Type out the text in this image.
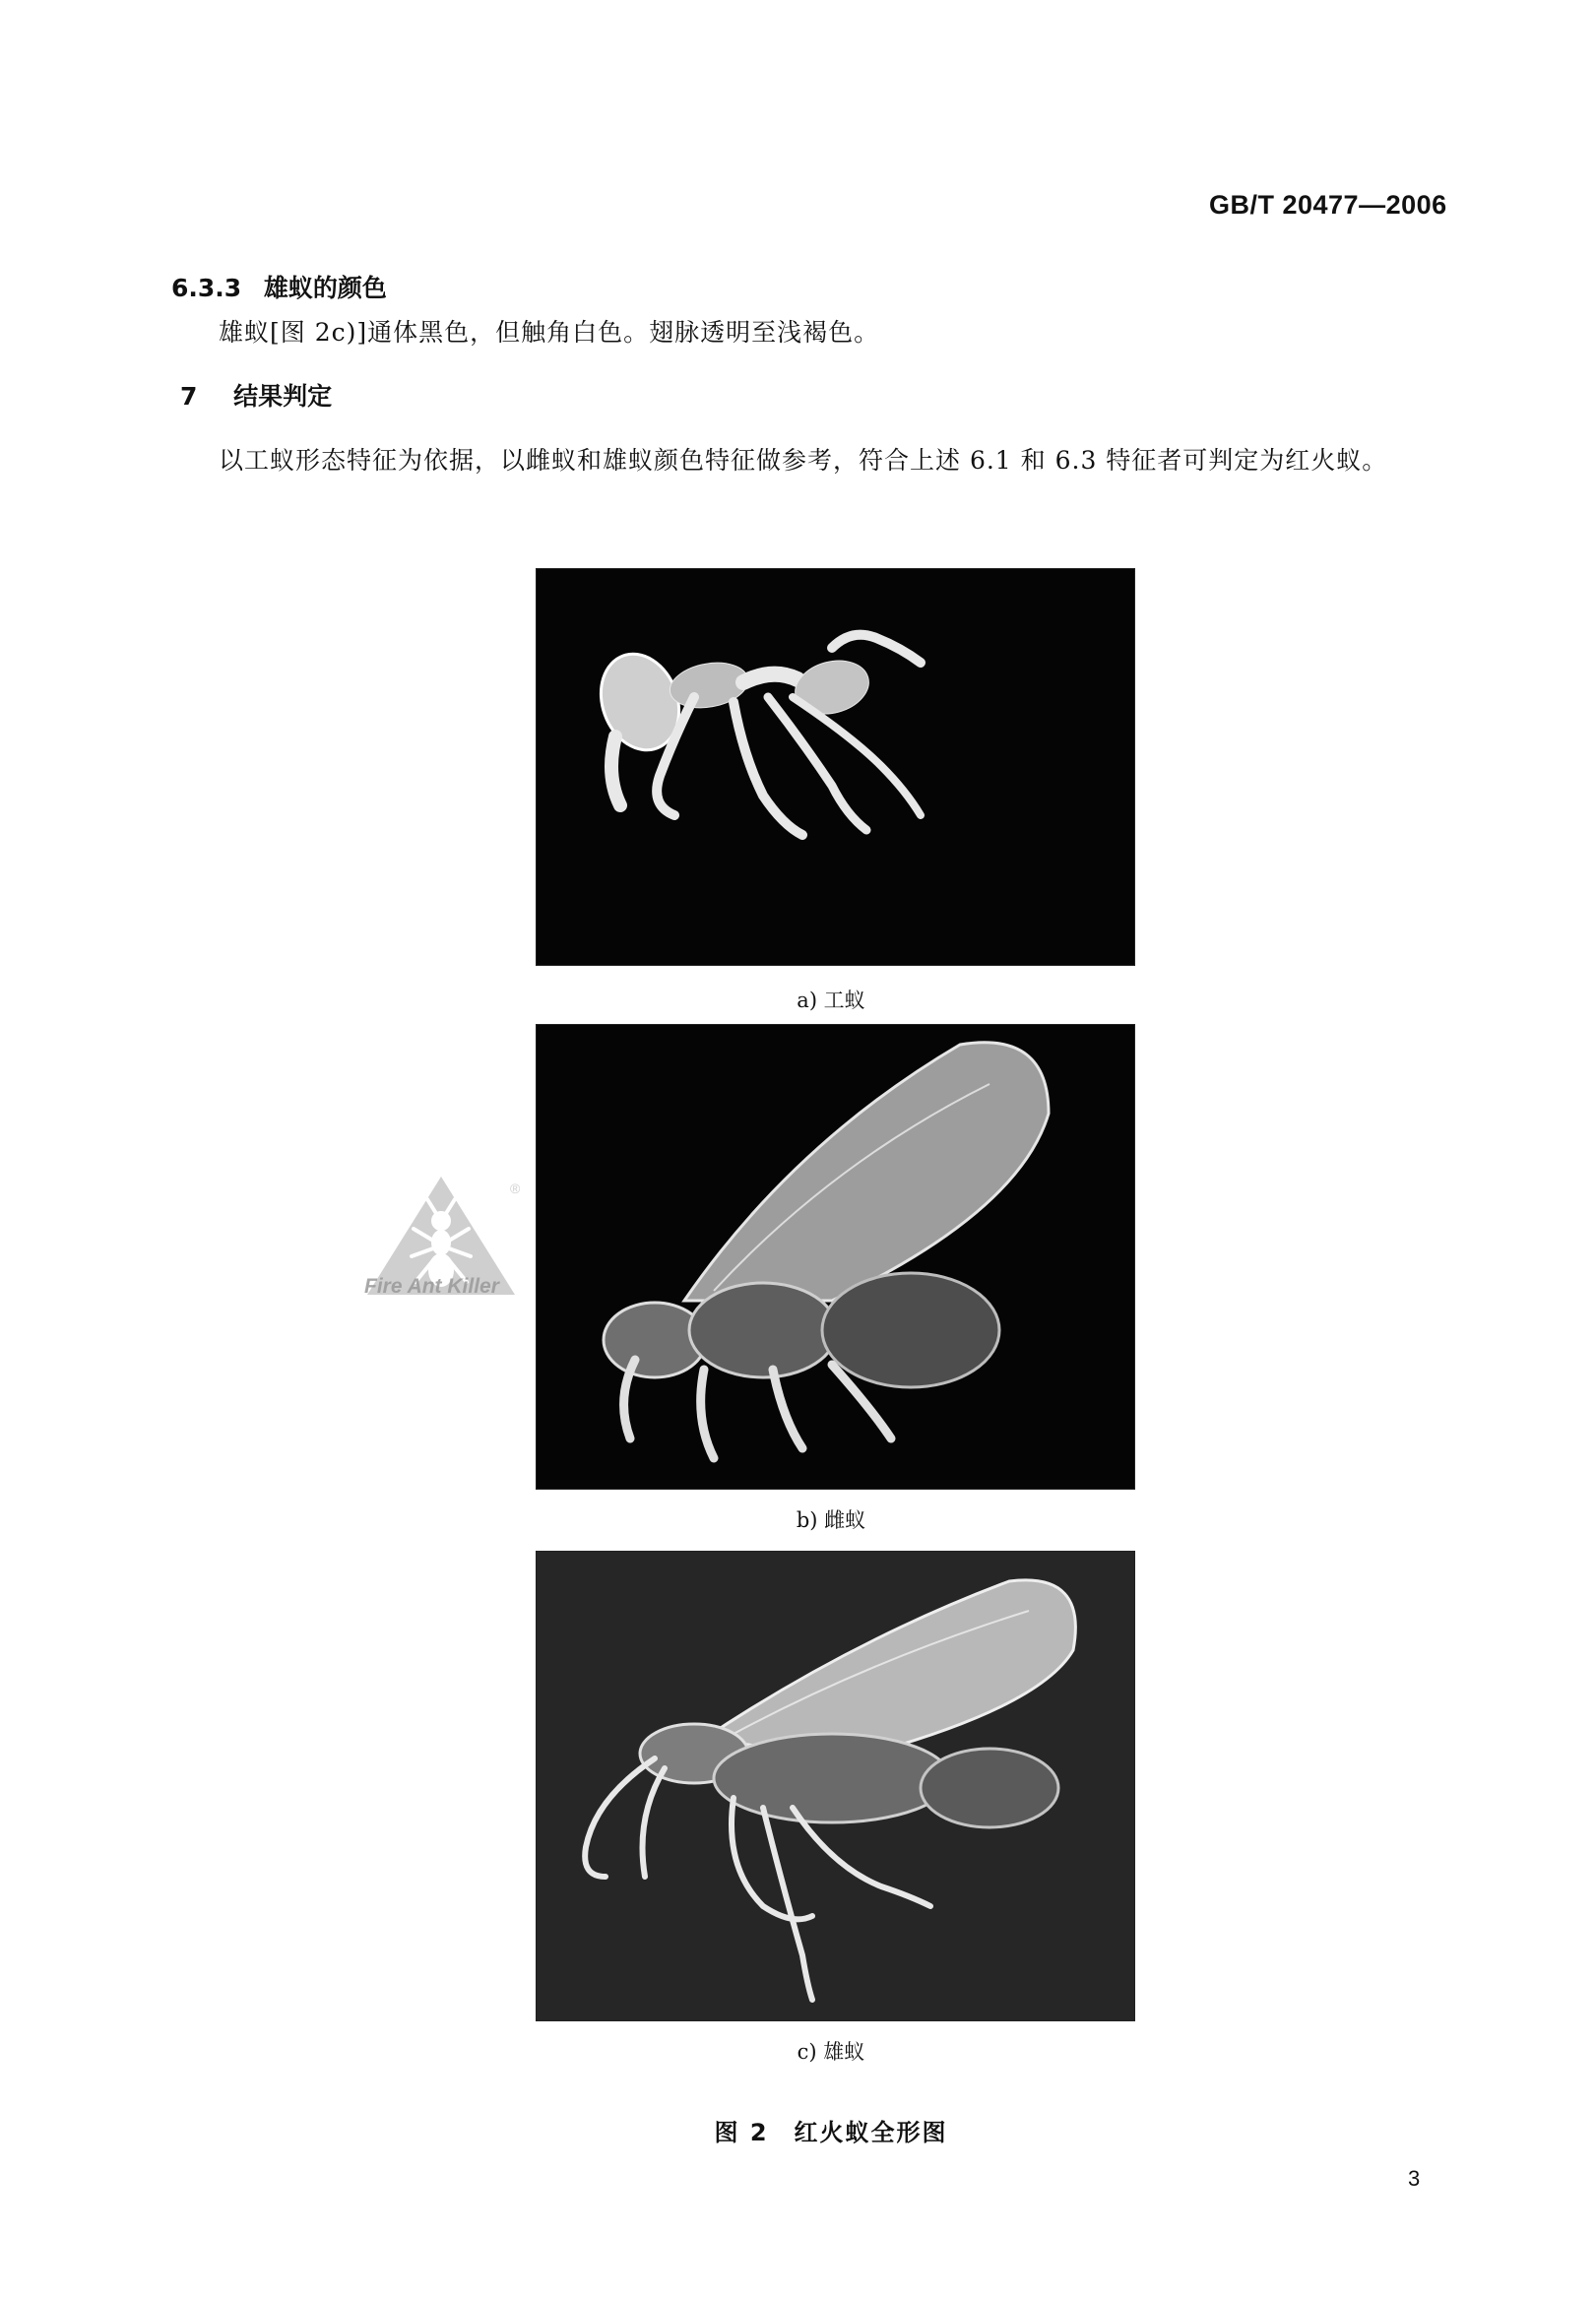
GB/T 20477—2006
6.3.3 雄蚁的颜色
雄蚁[图 2c)]通体黑色，但触角白色。翅脉透明至浅褐色。
7 结果判定
以工蚁形态特征为依据，以雌蚁和雄蚁颜色特征做参考，符合上述 6.1 和 6.3 特征者可判定为红火蚁。
a) 工蚁
b) 雌蚁
c) 雄蚁
图 2　红火蚁全形图
®
Fire Ant Killer
3
